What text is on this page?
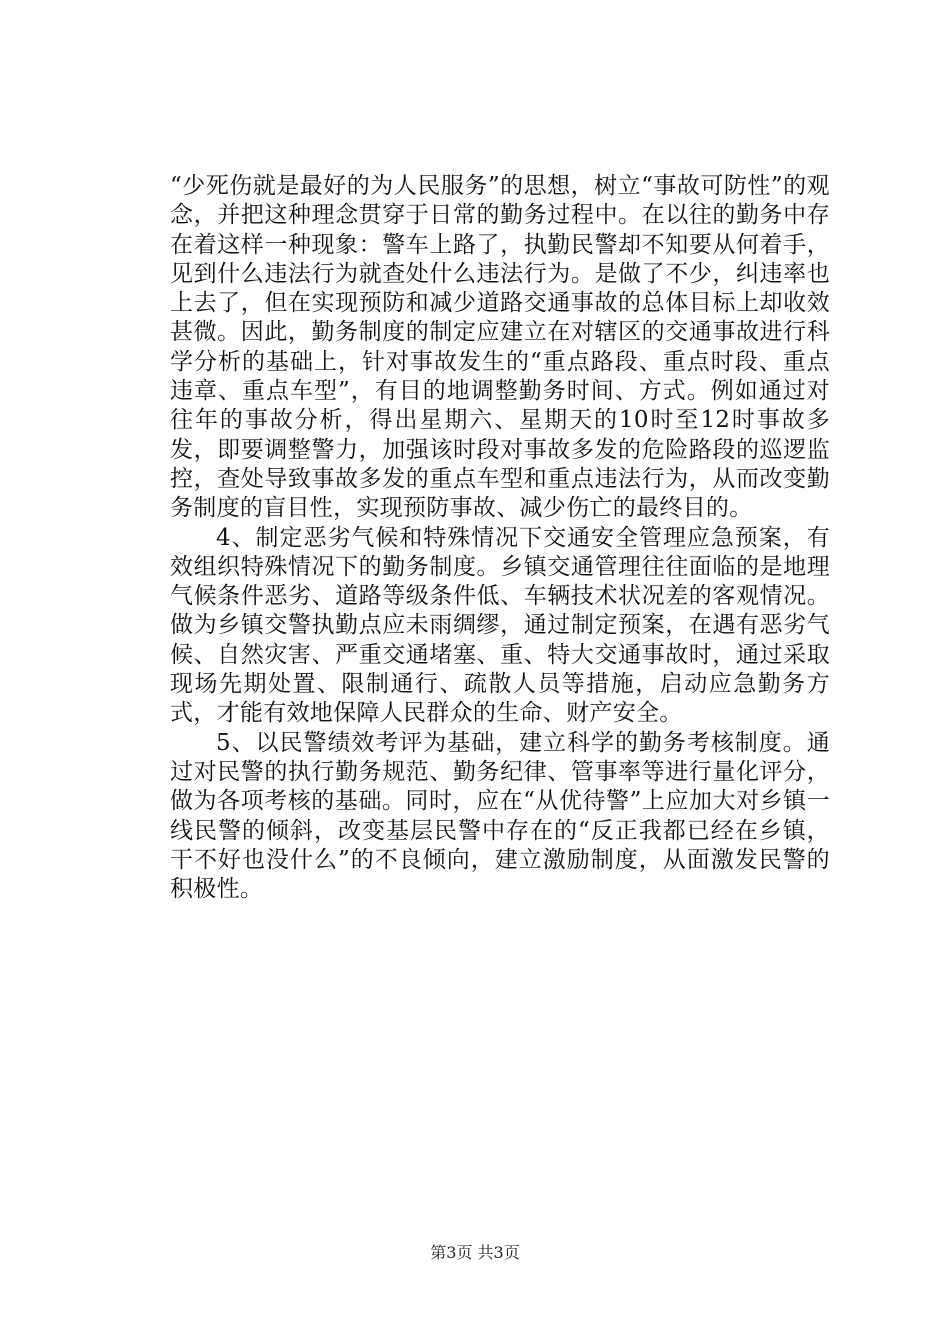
“少死伤就是最好的为人民服务”的思想，树立“事故可防性”的观念，并把这种理念贯穿于日常的勤务过程中。在以往的勤务中存在着这样一种现象：警车上路了，执勤民警却不知要从何着手，见到什么违法行为就查处什么违法行为。是做了不少，纠违率也上去了，但在实现预防和减少道路交通事故的总体目标上却收效甚微。因此，勤务制度的制定应建立在对辖区的交通事故进行科学分析的基础上，针对事故发生的“重点路段、重点时段、重点违章、重点车型”，有目的地调整勤务时间、方式。例如通过对往年的事故分析，得出星期六、星期天的10时至12时事故多发，即要调整警力，加强该时段对事故多发的危险路段的巡逻监控，查处导致事故多发的重点车型和重点违法行为，从而改变勤务制度的盲目性，实现预防事故、减少伤亡的最终目的。

4、制定恶劣气候和特殊情况下交通安全管理应急预案，有效组织特殊情况下的勤务制度。乡镇交通管理往往面临的是地理气候条件恶劣、道路等级条件低、车辆技术状况差的客观情况。做为乡镇交警执勤点应未雨绸缪，通过制定预案，在遇有恶劣气候、自然灾害、严重交通堵塞、重、特大交通事故时，通过采取现场先期处置、限制通行、疏散人员等措施，启动应急勤务方式，才能有效地保障人民群众的生命、财产安全。

5、以民警绩效考评为基础，建立科学的勤务考核制度。通过对民警的执行勤务规范、勤务纪律、管事率等进行量化评分，做为各项考核的基础。同时，应在“从优待警”上应加大对乡镇一线民警的倾斜，改变基层民警中存在的“反正我都已经在乡镇，干不好也没什么”的不良倾向，建立激励制度，从面激发民警的积极性。

第3页 共3页
